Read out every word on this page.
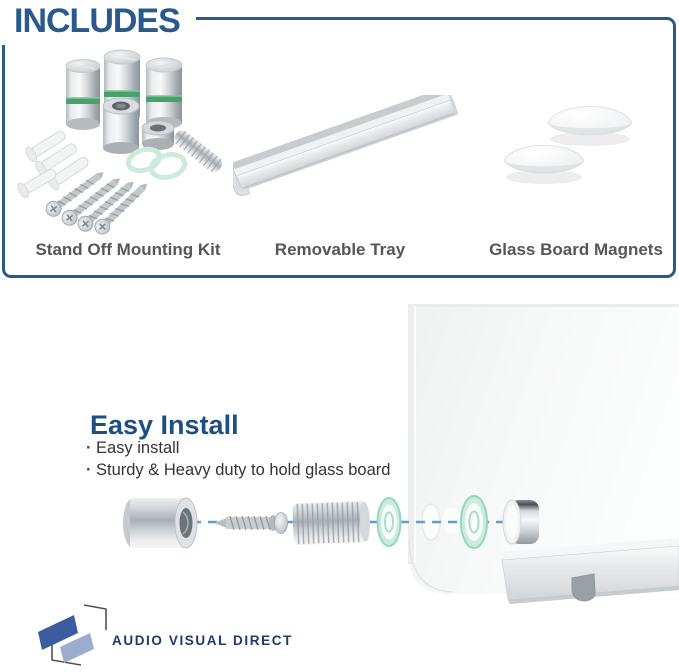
INCLUDES
Stand Off Mounting Kit	Removable Tray	Glass Board Magnets
Easy Install
· Easy install
· Sturdy & Heavy duty to hold glass board
AUDIO VISUAL DIRECT
